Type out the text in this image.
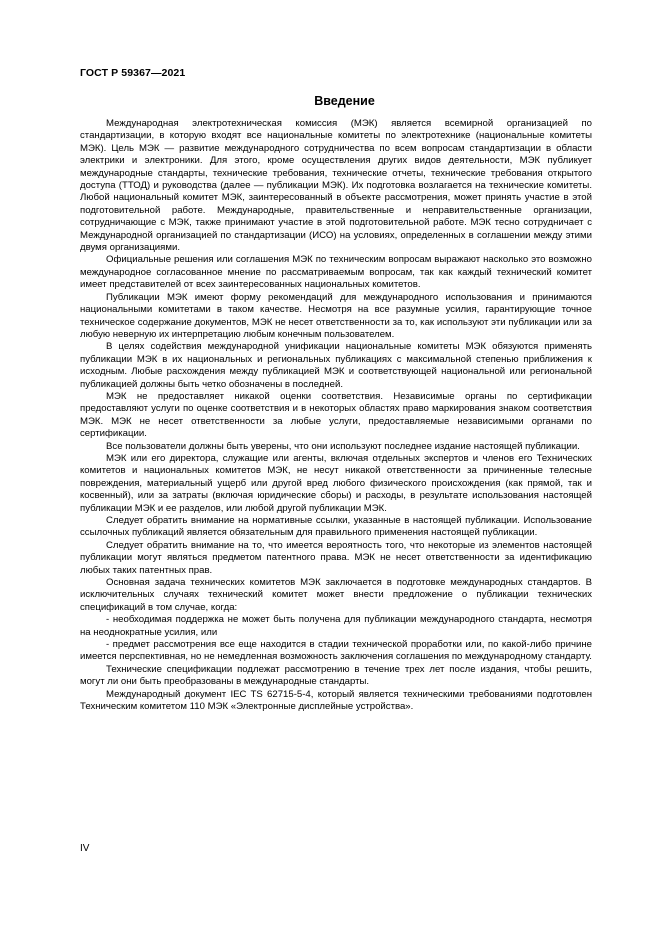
ГОСТ Р 59367—2021
Введение

Международная электротехническая комиссия (МЭК) является всемирной организацией по стандартизации, в которую входят все национальные комитеты по электротехнике (национальные комитеты МЭК). Цель МЭК — развитие международного сотрудничества по всем вопросам стандартизации в области электрики и электроники. Для этого, кроме осуществления других видов деятельности, МЭК публикует международные стандарты, технические требования, технические отчеты, технические требования открытого доступа (ТТОД) и руководства (далее — публикации МЭК). Их подготовка возлагается на технические комитеты. Любой национальный комитет МЭК, заинтересованный в объекте рассмотрения, может принять участие в этой подготовительной работе. Международные, правительственные и неправительственные организации, сотрудничающие с МЭК, также принимают участие в этой подготовительной работе. МЭК тесно сотрудничает с Международной организацией по стандартизации (ИСО) на условиях, определенных в соглашении между этими двумя организациями.

Официальные решения или соглашения МЭК по техническим вопросам выражают насколько это возможно международное согласованное мнение по рассматриваемым вопросам, так как каждый технический комитет имеет представителей от всех заинтересованных национальных комитетов.

Публикации МЭК имеют форму рекомендаций для международного использования и принимаются национальными комитетами в таком качестве. Несмотря на все разумные усилия, гарантирующие точное техническое содержание документов, МЭК не несет ответственности за то, как используют эти публикации или за любую неверную их интерпретацию любым конечным пользователем.

В целях содействия международной унификации национальные комитеты МЭК обязуются применять публикации МЭК в их национальных и региональных публикациях с максимальной степенью приближения к исходным. Любые расхождения между публикацией МЭК и соответствующей национальной или региональной публикацией должны быть четко обозначены в последней.

МЭК не предоставляет никакой оценки соответствия. Независимые органы по сертификации предоставляют услуги по оценке соответствия и в некоторых областях право маркирования знаком соответствия МЭК. МЭК не несет ответственности за любые услуги, предоставляемые независимыми органами по сертификации.

Все пользователи должны быть уверены, что они используют последнее издание настоящей публикации.

МЭК или его директора, служащие или агенты, включая отдельных экспертов и членов его Технических комитетов и национальных комитетов МЭК, не несут никакой ответственности за причиненные телесные повреждения, материальный ущерб или другой вред любого физического происхождения (как прямой, так и косвенный), или за затраты (включая юридические сборы) и расходы, в результате использования настоящей публикации МЭК и ее разделов, или любой другой публикации МЭК.

Следует обратить внимание на нормативные ссылки, указанные в настоящей публикации. Использование ссылочных публикаций является обязательным для правильного применения настоящей публикации.

Следует обратить внимание на то, что имеется вероятность того, что некоторые из элементов настоящей публикации могут являться предметом патентного права. МЭК не несет ответственности за идентификацию любых таких патентных прав.

Основная задача технических комитетов МЭК заключается в подготовке международных стандартов. В исключительных случаях технический комитет может внести предложение о публикации технических спецификаций в том случае, когда:

- необходимая поддержка не может быть получена для публикации международного стандарта, несмотря на неоднократные усилия, или

- предмет рассмотрения все еще находится в стадии технической проработки или, по какой-либо причине имеется перспективная, но не немедленная возможность заключения соглашения по международному стандарту.

Технические спецификации подлежат рассмотрению в течение трех лет после издания, чтобы решить, могут ли они быть преобразованы в международные стандарты.

Международный документ IEC TS 62715-5-4, который является техническими требованиями подготовлен Техническим комитетом 110 МЭК «Электронные дисплейные устройства».

IV
